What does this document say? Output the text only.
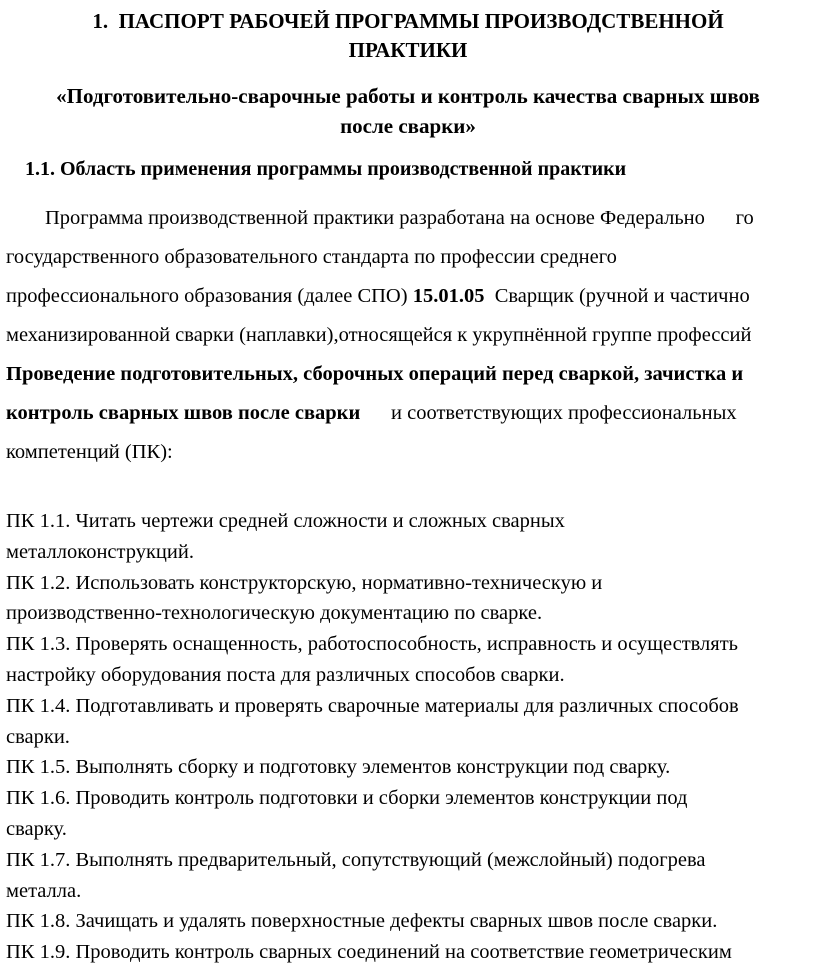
1.  ПАСПОРТ РАБОЧЕЙ ПРОГРАММЫ ПРОИЗВОДСТВЕННОЙ
ПРАКТИКИ
«Подготовительно-сварочные работы и контроль качества сварных швов
после сварки»
1.1. Область применения программы производственной практики
Программа производственной практики разработана на основе Федерально      го
государственного образовательного стандарта по профессии среднего
профессионального образования (далее СПО) 15.01.05  Сварщик (ручной и частично
механизированной сварки (наплавки),относящейся к укрупнённой группе профессий
Проведение подготовительных, сборочных операций перед сваркой, зачистка и
контроль сварных швов после сварки      и соответствующих профессиональных
компетенций (ПК):
ПК 1.1. Читать чертежи средней сложности и сложных сварных
металлоконструкций.
ПК 1.2. Использовать конструкторскую, нормативно-техническую и
производственно-технологическую документацию по сварке.
ПК 1.3. Проверять оснащенность, работоспособность, исправность и осуществлять
настройку оборудования поста для различных способов сварки.
ПК 1.4. Подготавливать и проверять сварочные материалы для различных способов
сварки.
ПК 1.5. Выполнять сборку и подготовку элементов конструкции под сварку.
ПК 1.6. Проводить контроль подготовки и сборки элементов конструкции под
сварку.
ПК 1.7. Выполнять предварительный, сопутствующий (межслойный) подогрева
металла.
ПК 1.8. Зачищать и удалять поверхностные дефекты сварных швов после сварки.
ПК 1.9. Проводить контроль сварных соединений на соответствие геометрическим
